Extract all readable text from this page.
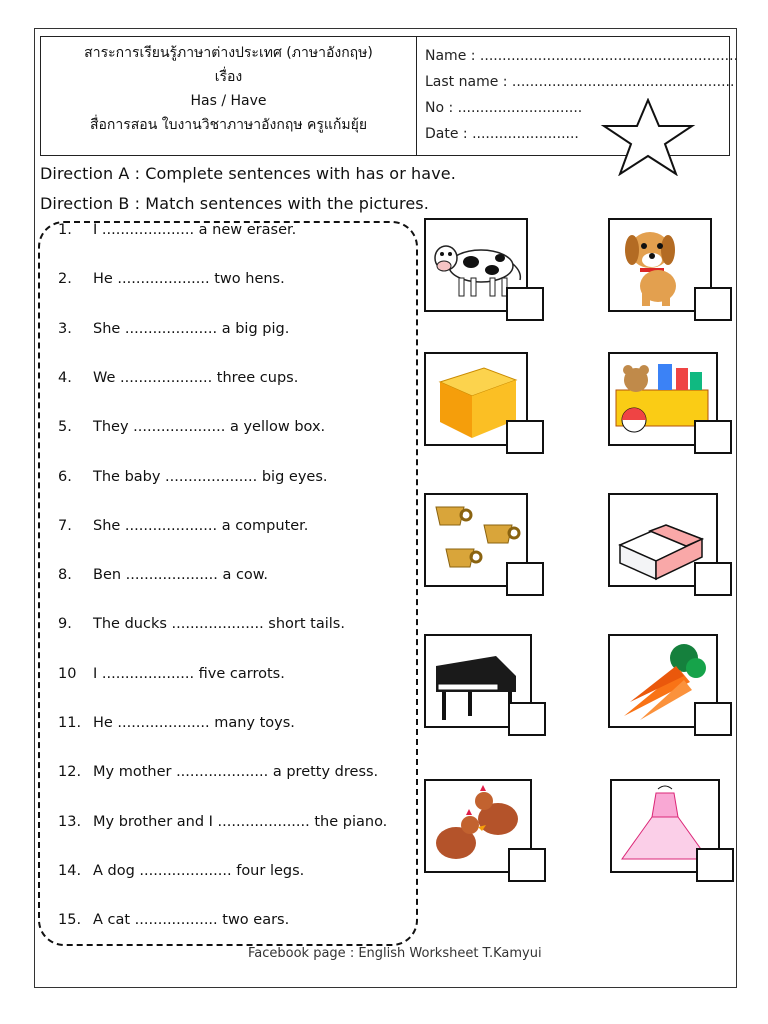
สาระการเรียนรู้ภาษาต่างประเทศ (ภาษาอังกฤษ)
เรื่อง
Has / Have
สื่อการสอน ใบงานวิชาภาษาอังกฤษ ครูแก้มยุ้ย
Name : ..........................................................
Last name : ..................................................
No : ............................
Date : ........................
Direction A : Complete sentences with has or have.
Direction B : Match sentences with the pictures.
1. I .................... a new eraser.
2. He .................... two hens.
3. She .................... a big pig.
4. We .................... three cups.
5. They .................... a yellow box.
6. The baby .................... big eyes.
7. She .................... a computer.
8. Ben .................... a cow.
9. The ducks .................... short tails.
10 I .................... five carrots.
11. He .................... many toys.
12. My mother .................... a pretty dress.
13. My brother and I .................... the piano.
14. A dog .................... four legs.
15. A cat .................. two ears.
Facebook page : English Worksheet T.Kamyui
